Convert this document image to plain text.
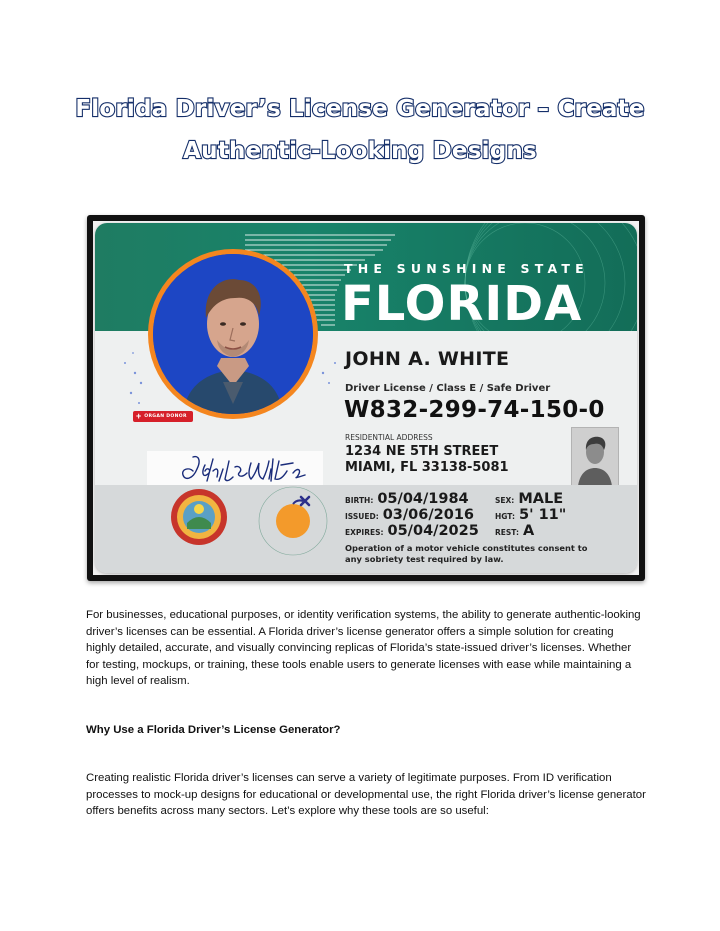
Florida Driver’s License Generator – Create
Authentic-Looking Designs
THE SUNSHINE STATE
FLORIDA
+ ORGAN DONOR
JOHN A. WHITE
Driver License / Class E / Safe Driver
W832-299-74-150-0
RESIDENTIAL ADDRESS
1234 NE 5TH STREET
MIAMI, FL 33138-5081
BIRTH: 05/04/1984
ISSUED: 03/06/2016
EXPIRES: 05/04/2025
SEX: MALE
HGT: 5' 11"
REST: A
Operation of a motor vehicle constitutes consent to any sobriety test required by law.

For businesses, educational purposes, or identity verification systems, the ability to generate authentic-looking driver’s licenses can be essential. A Florida driver’s license generator offers a simple solution for creating highly detailed, accurate, and visually convincing replicas of Florida’s state-issued driver’s licenses. Whether for testing, mockups, or training, these tools enable users to generate licenses with ease while maintaining a high level of realism.

Why Use a Florida Driver’s License Generator?

Creating realistic Florida driver’s licenses can serve a variety of legitimate purposes. From ID verification processes to mock-up designs for educational or developmental use, the right Florida driver’s license generator offers benefits across many sectors. Let’s explore why these tools are so useful:
